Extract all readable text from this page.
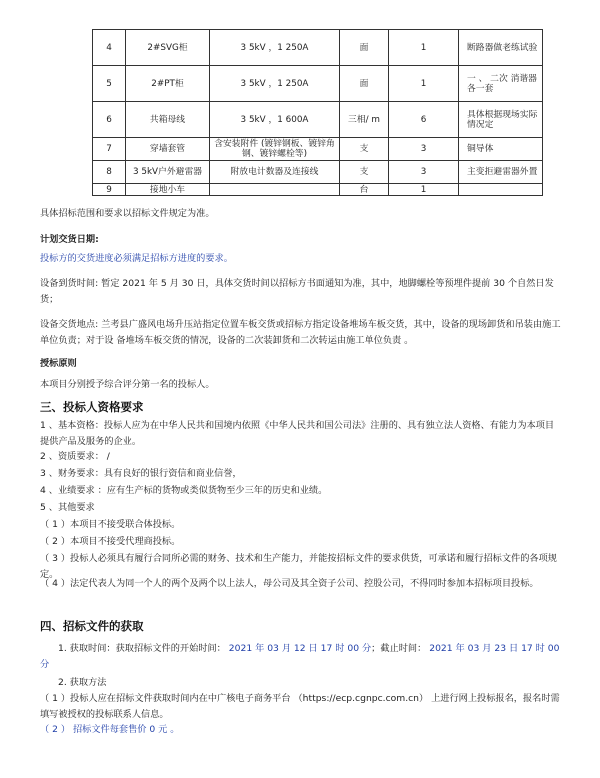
4	2#SVG柜	3 5kV ，1 250A	面	1	断路器做老练试验
5	2#PT柜	3 5kV ，1 250A	面	1	一 、 二次 消谐器各一套
6	共箱母线	3 5kV ，1 600A	三相/ m	6	具体根据现场实际情况定
7	穿墙套管	含安装附件 (镀锌钢板、镀锌角钢、镀锌螺栓等)	支	3	铜导体
8	3 5kV户外避雷器	附放电计数器及连接线	支	3	主变拒避雷器外置
9	接地小车		台	1	
具体招标范围和要求以招标文件规定为准。
计划交货日期:
投标方的交货进度必须满足招标方进度的要求。
设备到货时间: 暂定 2021 年 5 月 30 日，具体交货时间以招标方书面通知为准，其中，地脚螺栓等预埋件提前 30 个自然日发货；
设备交货地点: 兰考县广盛风电场升压站指定位置车板交货或招标方指定设备堆场车板交货，其中，设备的现场卸货和吊装由施工单位负责；对于设 备堆场车板交货的情况，设备的二次装卸货和二次转运由施工单位负责 。
授标原则
本项目分别授予综合评分第一名的投标人。
三、投标人资格要求
1 、基本资格：投标人应为在中华人民共和国境内依照《中华人民共和国公司法》注册的、具有独立法人资格、有能力为本项目提供产品及服务的企业。
2 、资质要求： /
3 、财务要求：具有良好的银行资信和商业信誉，
4 、业绩要求 ：应有生产标的货物或类似货物至少三年的历史和业绩。
5 、其他要求
（ 1 ）本项目不接受联合体投标。
（ 2 ）本项目不接受代理商投标。
（ 3 ）投标人必须具有履行合同所必需的财务、技术和生产能力，并能按招标文件的要求供货，可承诺和履行招标文件的各项规定。
（ 4 ）法定代表人为同一个人的两个及两个以上法人，母公司及其全资子公司、控股公司，不得同时参加本招标项目投标。
四、招标文件的获取
1. 获取时间：获取招标文件的开始时间： 2021 年 03 月 12 日 17 时 00 分；截止时间： 2021 年 03 月 23 日 17 时 00 分
2. 获取方法
（ 1 ）投标人应在招标文件获取时间内在中广核电子商务平台 （https://ecp.cgnpc.com.cn） 上进行网上投标报名，报名时需填写被授权的投标联系人信息。
（ 2 ） 招标文件每套售价 0 元 。
